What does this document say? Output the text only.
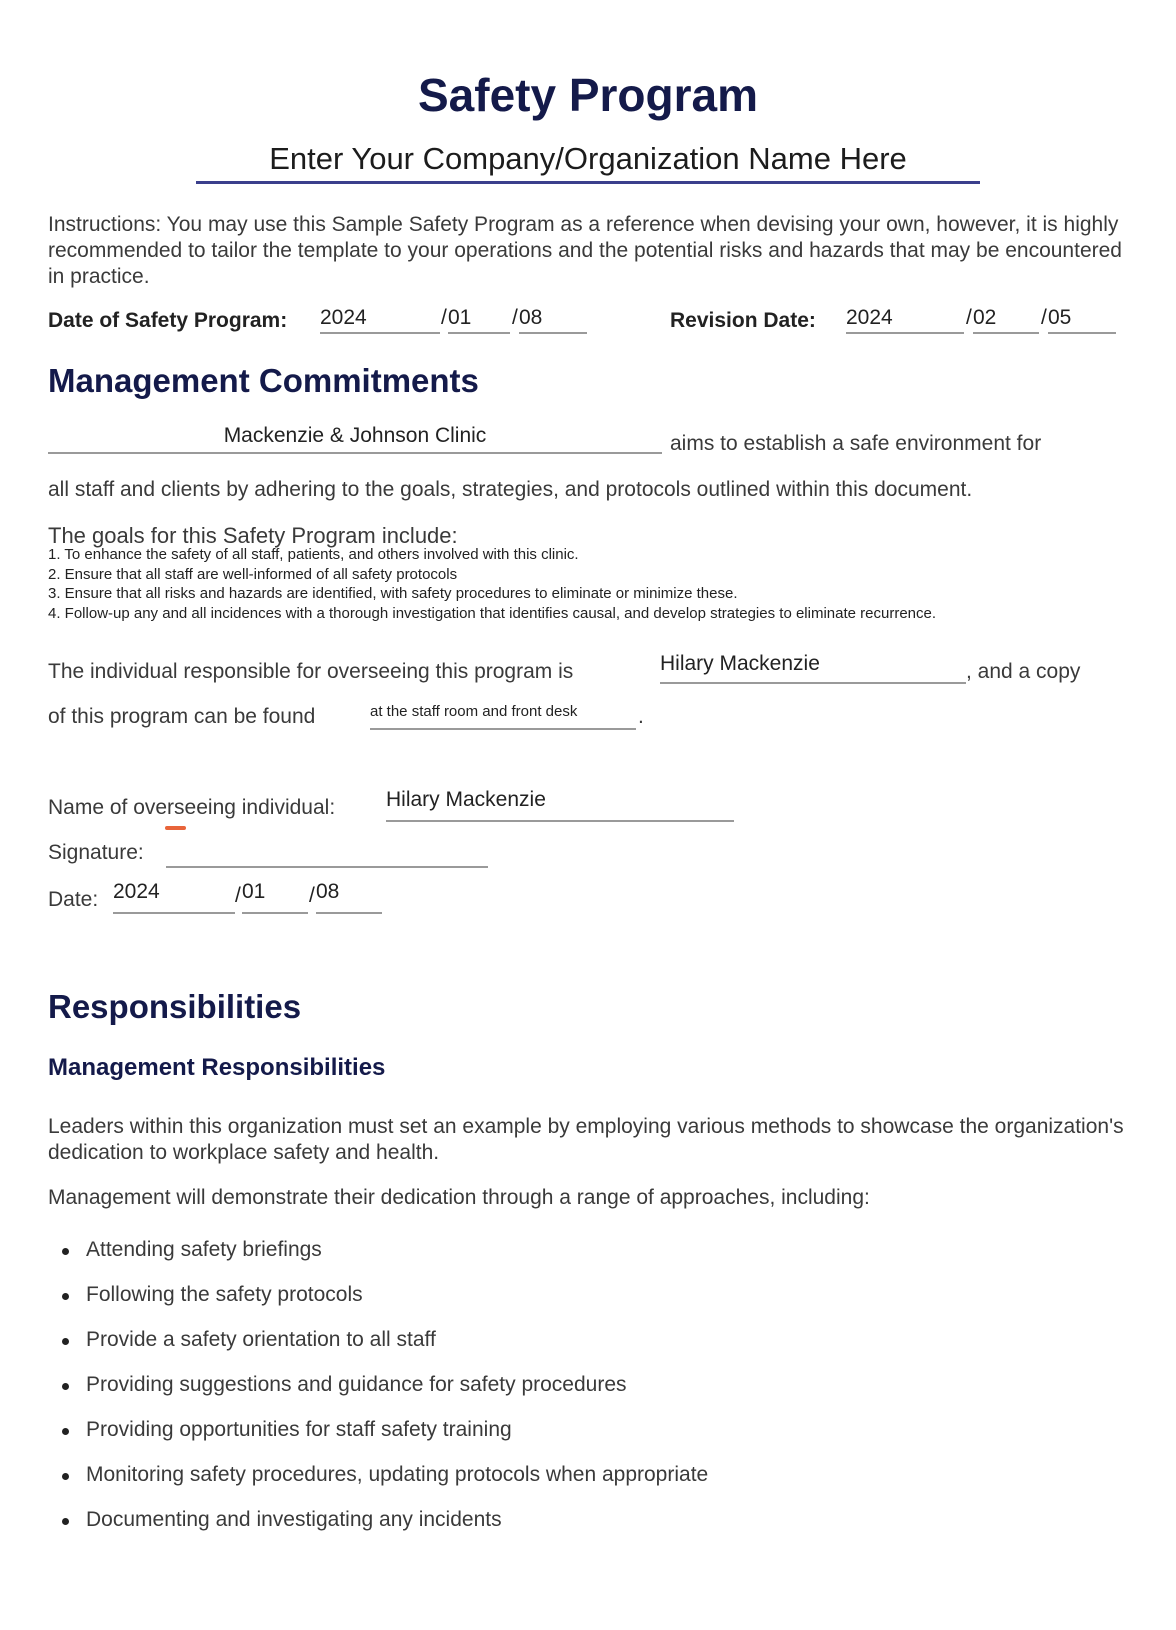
Safety Program
Enter Your Company/Organization Name Here
Instructions: You may use this Sample Safety Program as a reference when devising your own, however, it is highly recommended to tailor the template to your operations and the potential risks and hazards that may be encountered in practice.
Date of Safety Program: 2024	/ 01	/ 08	Revision Date: 2024	/ 02	/ 05
Management Commitments
Mackenzie & Johnson Clinic	aims to establish a safe environment for
all staff and clients by adhering to the goals, strategies, and protocols outlined within this document.
The goals for this Safety Program include:
1. To enhance the safety of all staff, patients, and others involved with this clinic.
2. Ensure that all staff are well-informed of all safety protocols
3. Ensure that all risks and hazards are identified, with safety procedures to eliminate or minimize these.
4. Follow-up any and all incidences with a thorough investigation that identifies causal, and develop strategies to eliminate recurrence.
The individual responsible for overseeing this program is	Hilary Mackenzie	, and a copy
of this program can be found	at the staff room and front desk	.
Name of overseeing individual: Hilary Mackenzie
Signature:
Date: 2024	/ 01	/ 08
Responsibilities
Management Responsibilities
Leaders within this organization must set an example by employing various methods to showcase the organization's dedication to workplace safety and health.
Management will demonstrate their dedication through a range of approaches, including:
Attending safety briefings
Following the safety protocols
Provide a safety orientation to all staff
Providing suggestions and guidance for safety procedures
Providing opportunities for staff safety training
Monitoring safety procedures, updating protocols when appropriate
Documenting and investigating any incidents
